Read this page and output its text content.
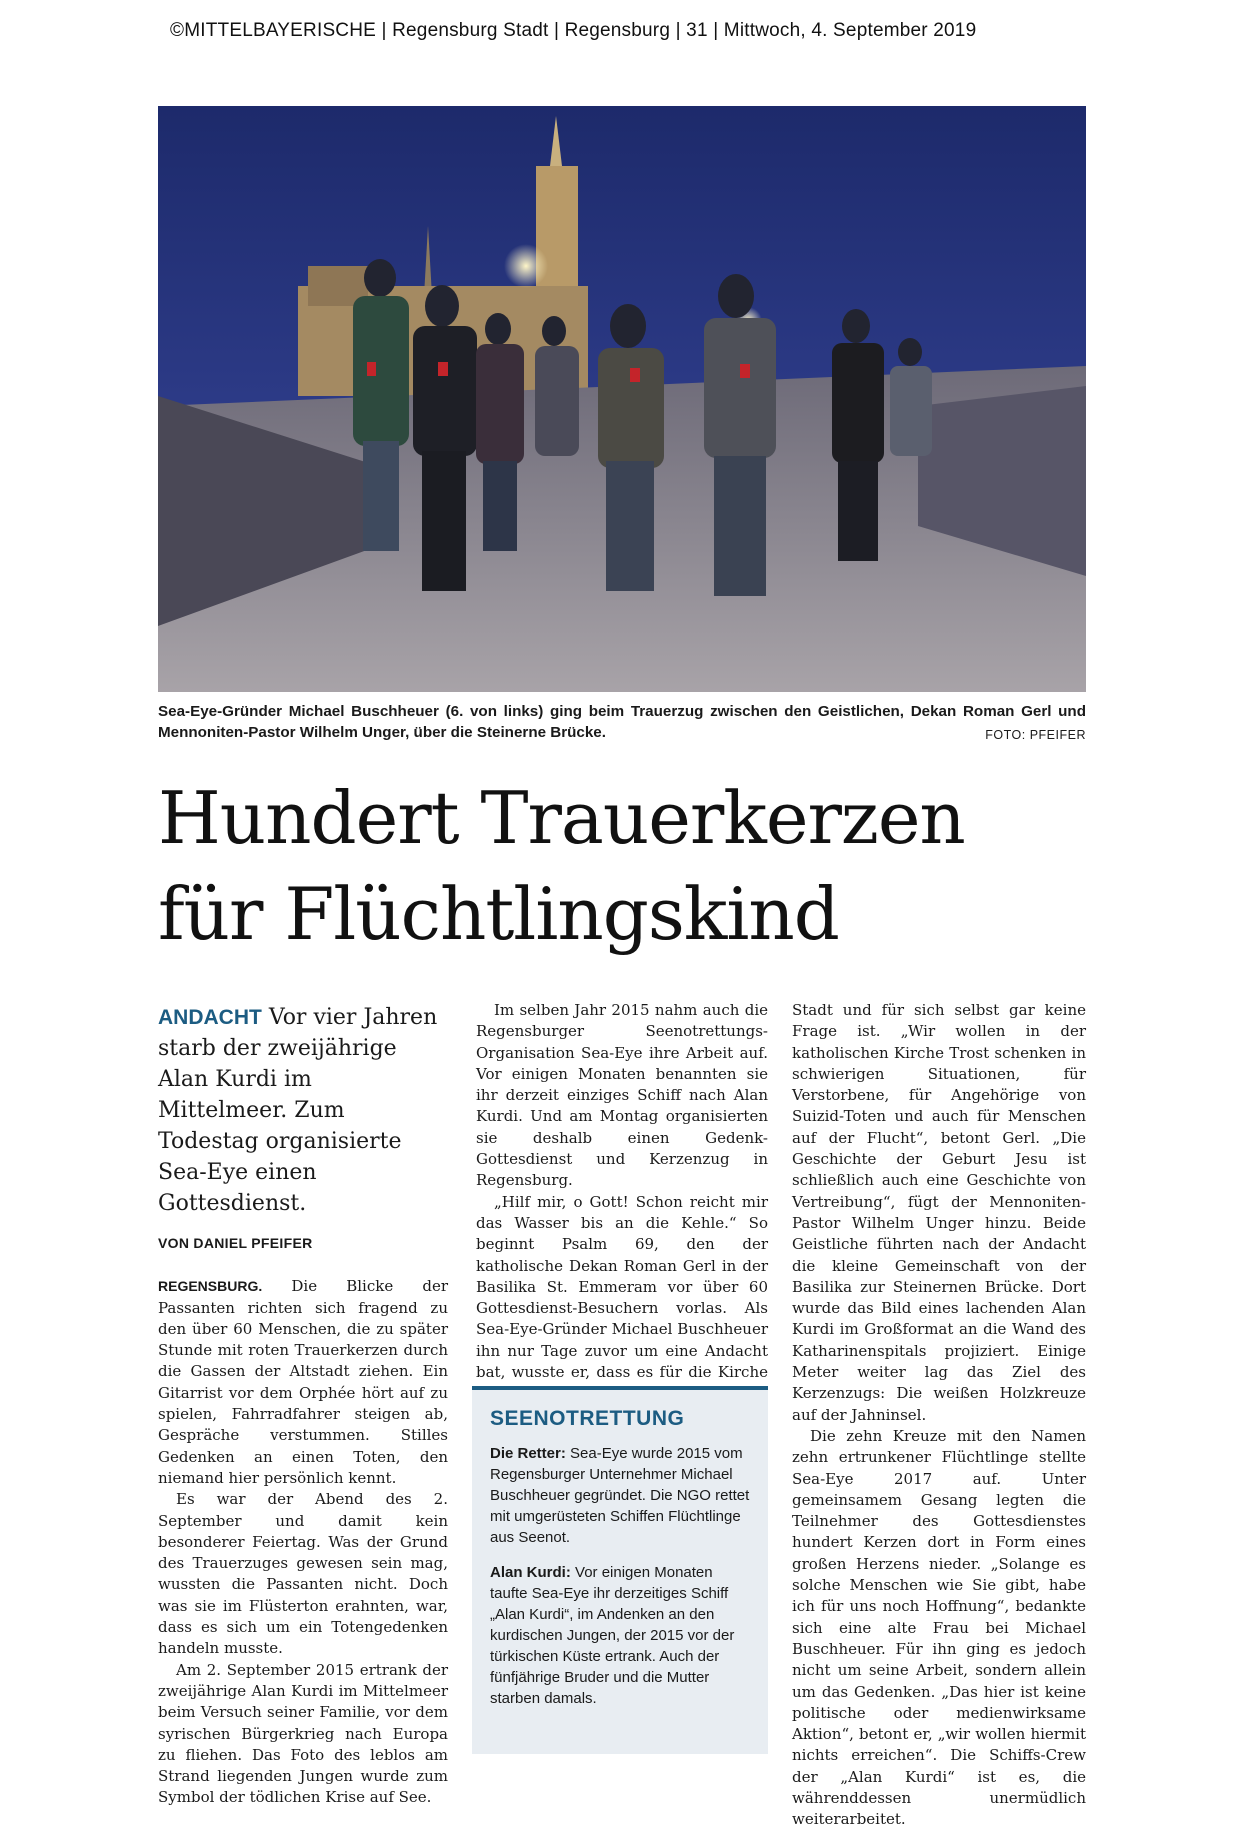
©MITTELBAYERISCHE | Regensburg Stadt | Regensburg | 31 | Mittwoch, 4. September 2019
Sea-Eye-Gründer Michael Buschheuer (6. von links) ging beim Trauerzug zwischen den Geistlichen, Dekan Roman Gerl und Mennoniten-Pastor Wilhelm Unger, über die Steinerne Brücke.	FOTO: PFEIFER
Hundert Trauerkerzen
für Flüchtlingskind
ANDACHT Vor vier Jahren starb der zweijährige Alan Kurdi im Mittelmeer. Zum Todestag organisierte Sea-Eye einen Gottesdienst.
VON DANIEL PFEIFER

REGENSBURG. Die Blicke der Passanten richten sich fragend zu den über 60 Menschen, die zu später Stunde mit roten Trauerkerzen durch die Gassen der Altstadt ziehen. Ein Gitarrist vor dem Orphée hört auf zu spielen, Fahrradfahrer steigen ab, Gespräche verstummen. Stilles Gedenken an einen Toten, den niemand hier persönlich kennt.

Es war der Abend des 2. September und damit kein besonderer Feiertag. Was der Grund des Trauerzuges gewesen sein mag, wussten die Passanten nicht. Doch was sie im Flüsterton erahnten, war, dass es sich um ein Totengedenken handeln musste.

Am 2. September 2015 ertrank der zweijährige Alan Kurdi im Mittelmeer beim Versuch seiner Familie, vor dem syrischen Bürgerkrieg nach Europa zu fliehen. Das Foto des leblos am Strand liegenden Jungen wurde zum Symbol der tödlichen Krise auf See.

Im selben Jahr 2015 nahm auch die Regensburger Seenotrettungs-Organisation Sea-Eye ihre Arbeit auf. Vor einigen Monaten benannten sie ihr derzeit einziges Schiff nach Alan Kurdi. Und am Montag organisierten sie deshalb einen Gedenk-Gottesdienst und Kerzenzug in Regensburg.

„Hilf mir, o Gott! Schon reicht mir das Wasser bis an die Kehle.“ So beginnt Psalm 69, den der katholische Dekan Roman Gerl in der Basilika St. Emmeram vor über 60 Gottesdienst-Besuchern vorlas. Als Sea-Eye-Gründer Michael Buschheuer ihn nur Tage zuvor um eine Andacht bat, wusste er, dass es für die Kirche

SEENOTRETTUNG

Die Retter: Sea-Eye wurde 2015 vom Regensburger Unternehmer Michael Buschheuer gegründet. Die NGO rettet mit umgerüsteten Schiffen Flüchtlinge aus Seenot.

Alan Kurdi: Vor einigen Monaten taufte Sea-Eye ihr derzeitiges Schiff „Alan Kurdi“, im Andenken an den kurdischen Jungen, der 2015 vor der türkischen Küste ertrank. Auch der fünfjährige Bruder und die Mutter starben damals.

Stadt und für sich selbst gar keine Frage ist. „Wir wollen in der katholischen Kirche Trost schenken in schwierigen Situationen, für Verstorbene, für Angehörige von Suizid-Toten und auch für Menschen auf der Flucht“, betont Gerl. „Die Geschichte der Geburt Jesu ist schließlich auch eine Geschichte von Vertreibung“, fügt der Mennoniten-Pastor Wilhelm Unger hinzu. Beide Geistliche führten nach der Andacht die kleine Gemeinschaft von der Basilika zur Steinernen Brücke. Dort wurde das Bild eines lachenden Alan Kurdi im Großformat an die Wand des Katharinenspitals projiziert. Einige Meter weiter lag das Ziel des Kerzenzugs: Die weißen Holzkreuze auf der Jahninsel.

Die zehn Kreuze mit den Namen zehn ertrunkener Flüchtlinge stellte Sea-Eye 2017 auf. Unter gemeinsamem Gesang legten die Teilnehmer des Gottesdienstes hundert Kerzen dort in Form eines großen Herzens nieder. „Solange es solche Menschen wie Sie gibt, habe ich für uns noch Hoffnung“, bedankte sich eine alte Frau bei Michael Buschheuer. Für ihn ging es jedoch nicht um seine Arbeit, sondern allein um das Gedenken. „Das hier ist keine politische oder medienwirksame Aktion“, betont er, „wir wollen hiermit nichts erreichen“. Die Schiffs-Crew der „Alan Kurdi“ ist es, die währenddessen unermüdlich weiterarbeitet.
